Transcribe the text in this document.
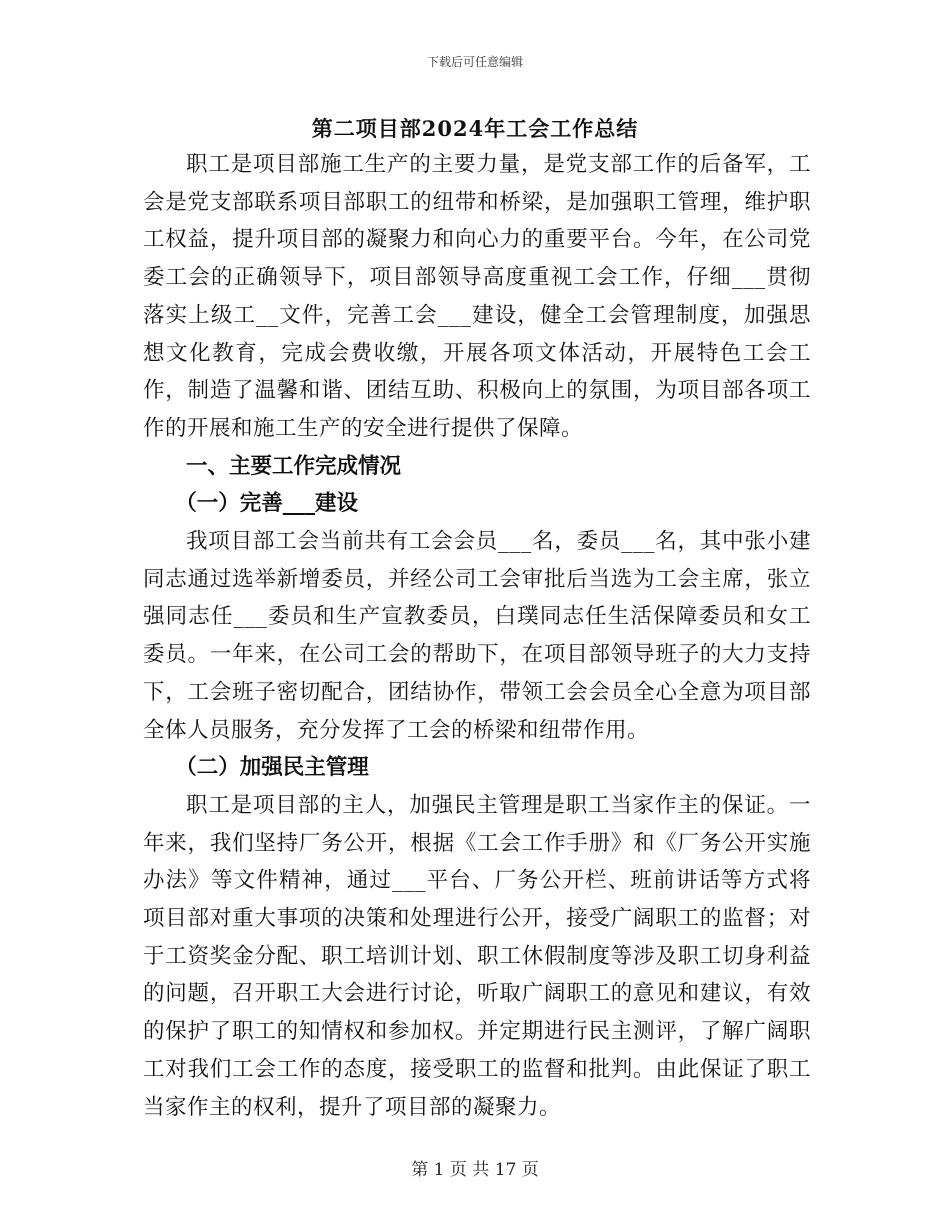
下载后可任意编辑
第二项目部2024年工会工作总结

职工是项目部施工生产的主要力量，是党支部工作的后备军，工会是党支部联系项目部职工的纽带和桥梁，是加强职工管理，维护职工权益，提升项目部的凝聚力和向心力的重要平台。今年，在公司党委工会的正确领导下，项目部领导高度重视工会工作，仔细___贯彻落实上级工__文件，完善工会___建设，健全工会管理制度，加强思想文化教育，完成会费收缴，开展各项文体活动，开展特色工会工作，制造了温馨和谐、团结互助、积极向上的氛围，为项目部各项工作的开展和施工生产的安全进行提供了保障。

一、主要工作完成情况

（一）完善___建设

我项目部工会当前共有工会会员___名，委员___名，其中张小建同志通过选举新增委员，并经公司工会审批后当选为工会主席，张立强同志任___委员和生产宣教委员，白璞同志任生活保障委员和女工委员。一年来，在公司工会的帮助下，在项目部领导班子的大力支持下，工会班子密切配合，团结协作，带领工会会员全心全意为项目部全体人员服务，充分发挥了工会的桥梁和纽带作用。

（二）加强民主管理

职工是项目部的主人，加强民主管理是职工当家作主的保证。一年来，我们坚持厂务公开，根据《工会工作手册》和《厂务公开实施办法》等文件精神，通过___平台、厂务公开栏、班前讲话等方式将项目部对重大事项的决策和处理进行公开，接受广阔职工的监督；对于工资奖金分配、职工培训计划、职工休假制度等涉及职工切身利益的问题，召开职工大会进行讨论，听取广阔职工的意见和建议，有效的保护了职工的知情权和参加权。并定期进行民主测评，了解广阔职工对我们工会工作的态度，接受职工的监督和批判。由此保证了职工当家作主的权利，提升了项目部的凝聚力。

第 1 页 共 17 页
